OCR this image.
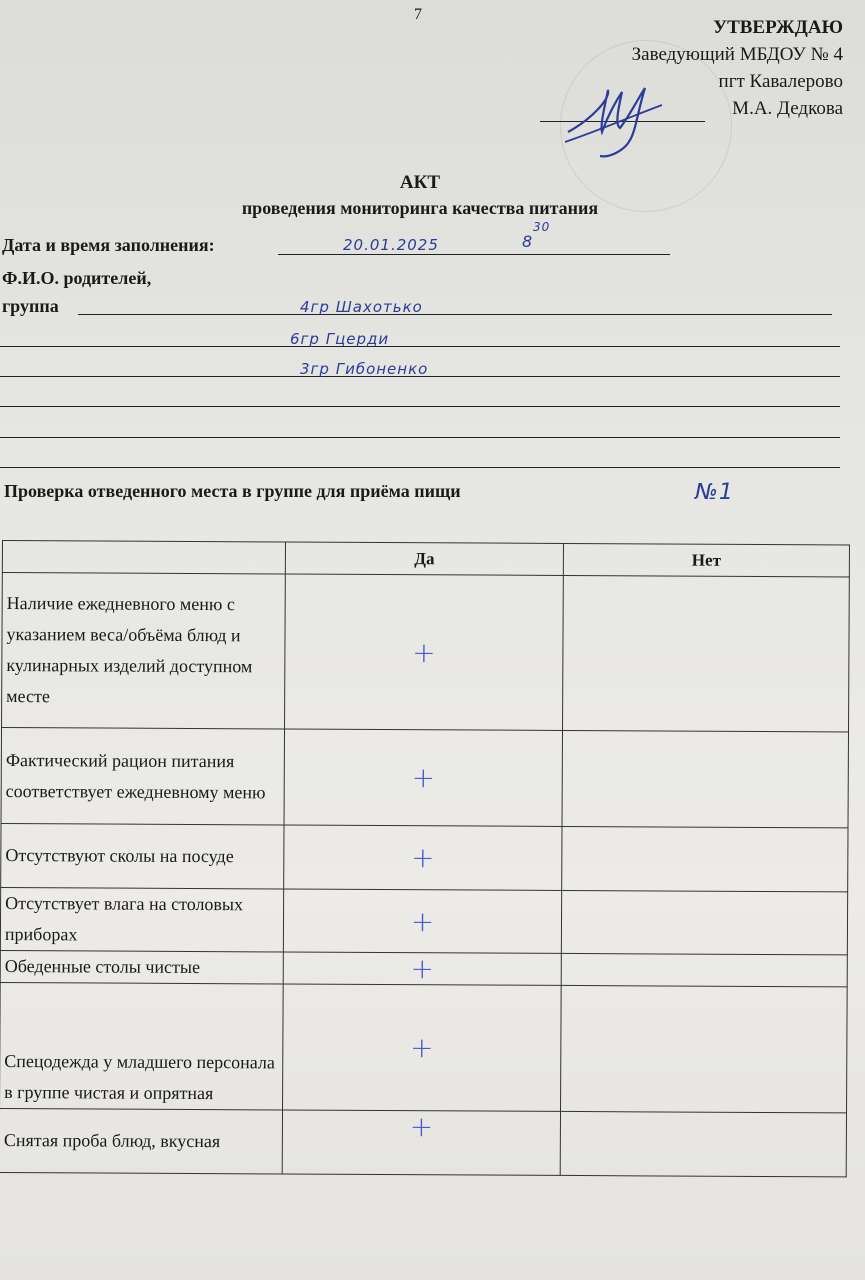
7
УТВЕРЖДАЮ
Заведующий МБДОУ № 4
пгт Кавалерово
М.А. Дедкова
АКТ
проведения мониторинга качества питания
Дата и время заполнения:	20.01.2025	8
30
Ф.И.О. родителей,
группа	4гр Шахотько
6гр Гцерди
3гр Гибоненко
Проверка отведенного места в группе для приёма пищи	№1
	Да	Нет
Наличие ежедневного меню с указанием веса/объёма блюд и кулинарных изделий доступном месте	+	
Фактический рацион питания соответствует ежедневному меню	+	
Отсутствуют сколы на посуде	+	
Отсутствует влага на столовых приборах	+	
Обеденные столы чистые	+	
Спецодежда у младшего персонала в группе чистая и опрятная	+	
Снятая проба блюд, вкусная	+	
